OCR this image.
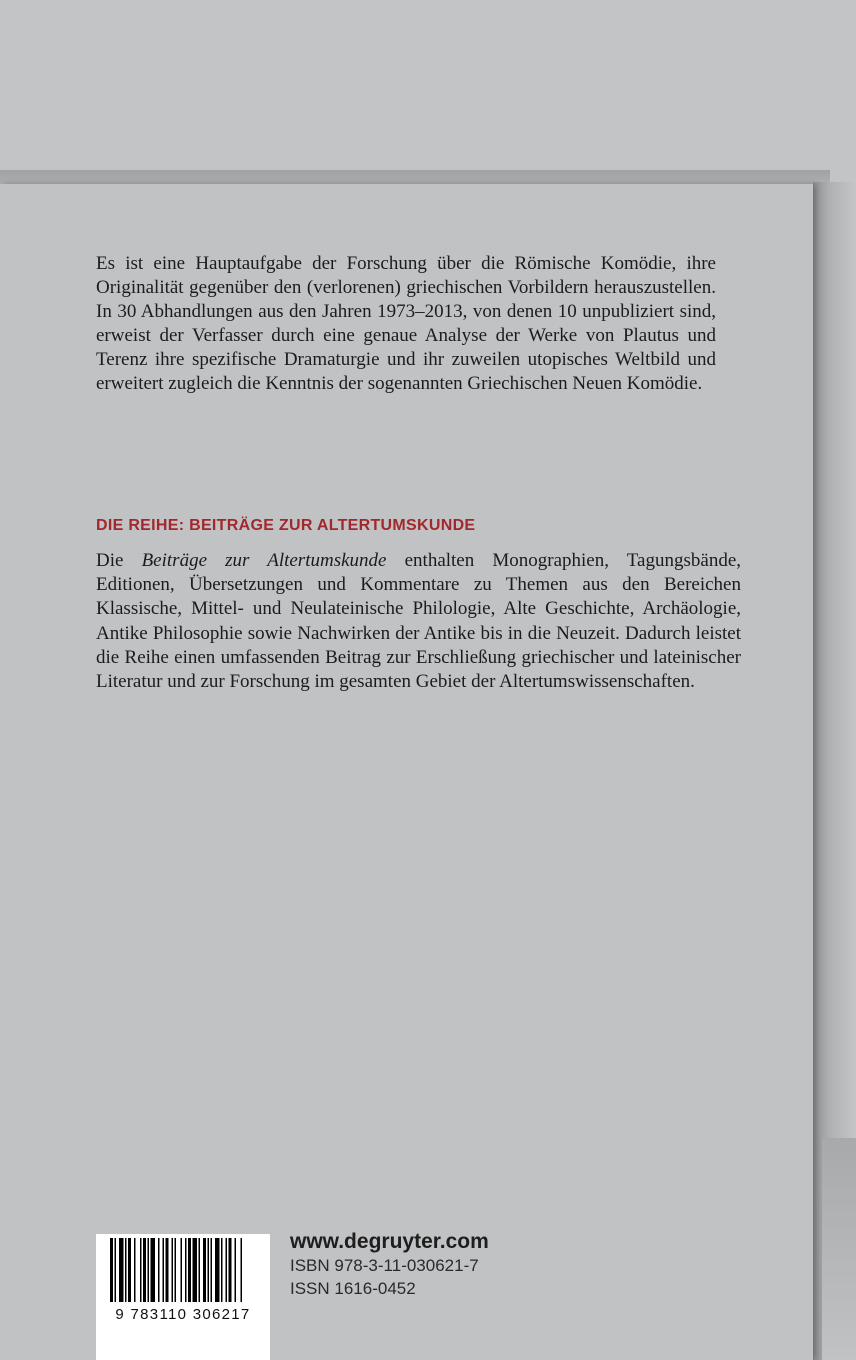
Es ist eine Hauptaufgabe der Forschung über die Römische Komödie, ihre Originalität gegenüber den (verlorenen) griechischen Vorbildern herauszustellen. In 30 Abhandlungen aus den Jahren 1973–2013, von denen 10 unpubliziert sind, erweist der Verfasser durch eine genaue Analyse der Werke von Plautus und Terenz ihre spezifische Dramaturgie und ihr zuweilen utopisches Weltbild und erweitert zugleich die Kenntnis der sogenannten Griechischen Neuen Komödie.

DIE REIHE: BEITRÄGE ZUR ALTERTUMSKUNDE

Die Beiträge zur Altertumskunde enthalten Monographien, Tagungsbände, Editionen, Übersetzungen und Kommentare zu Themen aus den Bereichen Klassische, Mittel- und Neulateinische Philologie, Alte Geschichte, Archäologie, Antike Philosophie sowie Nachwirken der Antike bis in die Neuzeit. Dadurch leistet die Reihe einen umfassenden Beitrag zur Erschließung griechischer und lateinischer Literatur und zur Forschung im gesamten Gebiet der Altertumswissenschaften.

9 783110 306217
www.degruyter.com
ISBN 978-3-11-030621-7
ISSN 1616-0452
